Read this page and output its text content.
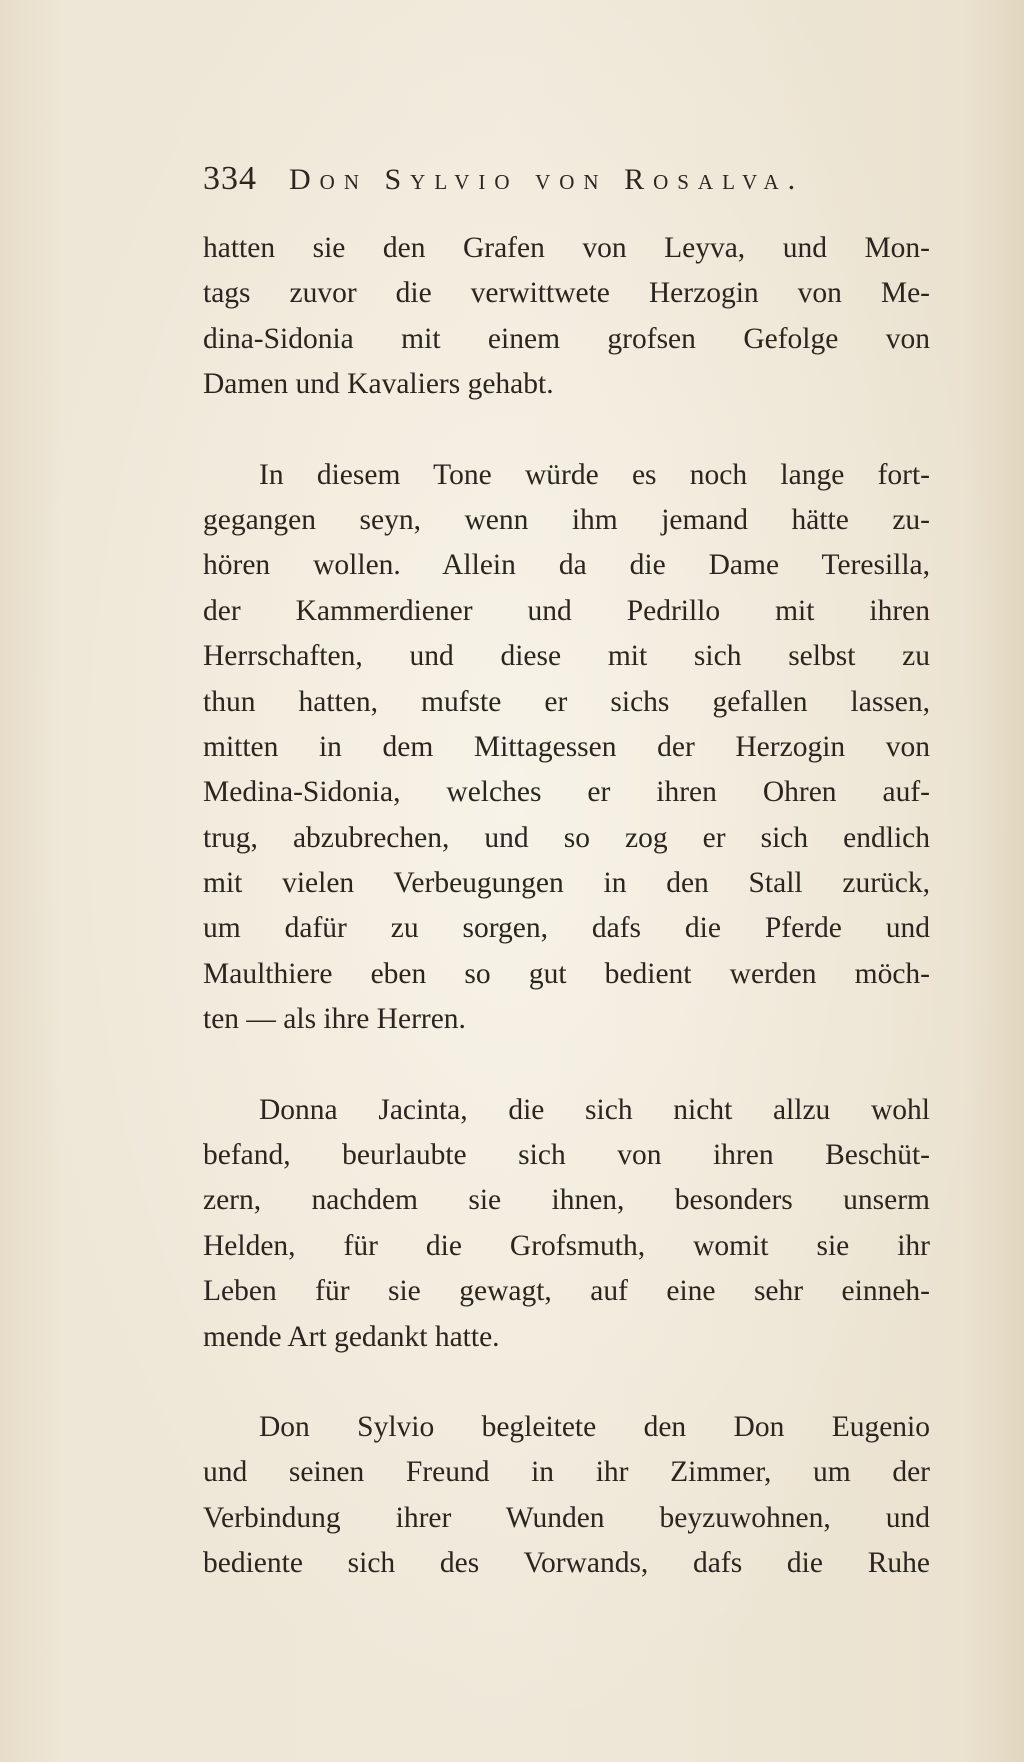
334 Don Sylvio von Rosalva.
hatten sie den Grafen von Leyva, und Mon-
tags zuvor die verwittwete Herzogin von Me-
dina-Sidonia mit einem grofsen Gefolge von
Damen und Kavaliers gehabt.
In diesem Tone würde es noch lange fort-
gegangen seyn, wenn ihm jemand hätte zu-
hören wollen. Allein da die Dame Teresilla,
der Kammerdiener und Pedrillo mit ihren
Herrschaften, und diese mit sich selbst zu
thun hatten, mufste er sichs gefallen lassen,
mitten in dem Mittagessen der Herzogin von
Medina-Sidonia, welches er ihren Ohren auf-
trug, abzubrechen, und so zog er sich endlich
mit vielen Verbeugungen in den Stall zurück,
um dafür zu sorgen, dafs die Pferde und
Maulthiere eben so gut bedient werden möch-
ten — als ihre Herren.
Donna Jacinta, die sich nicht allzu wohl
befand, beurlaubte sich von ihren Beschüt-
zern, nachdem sie ihnen, besonders unserm
Helden, für die Grofsmuth, womit sie ihr
Leben für sie gewagt, auf eine sehr einneh-
mende Art gedankt hatte.
Don Sylvio begleitete den Don Eugenio
und seinen Freund in ihr Zimmer, um der
Verbindung ihrer Wunden beyzuwohnen, und
bediente sich des Vorwands, dafs die Ruhe
